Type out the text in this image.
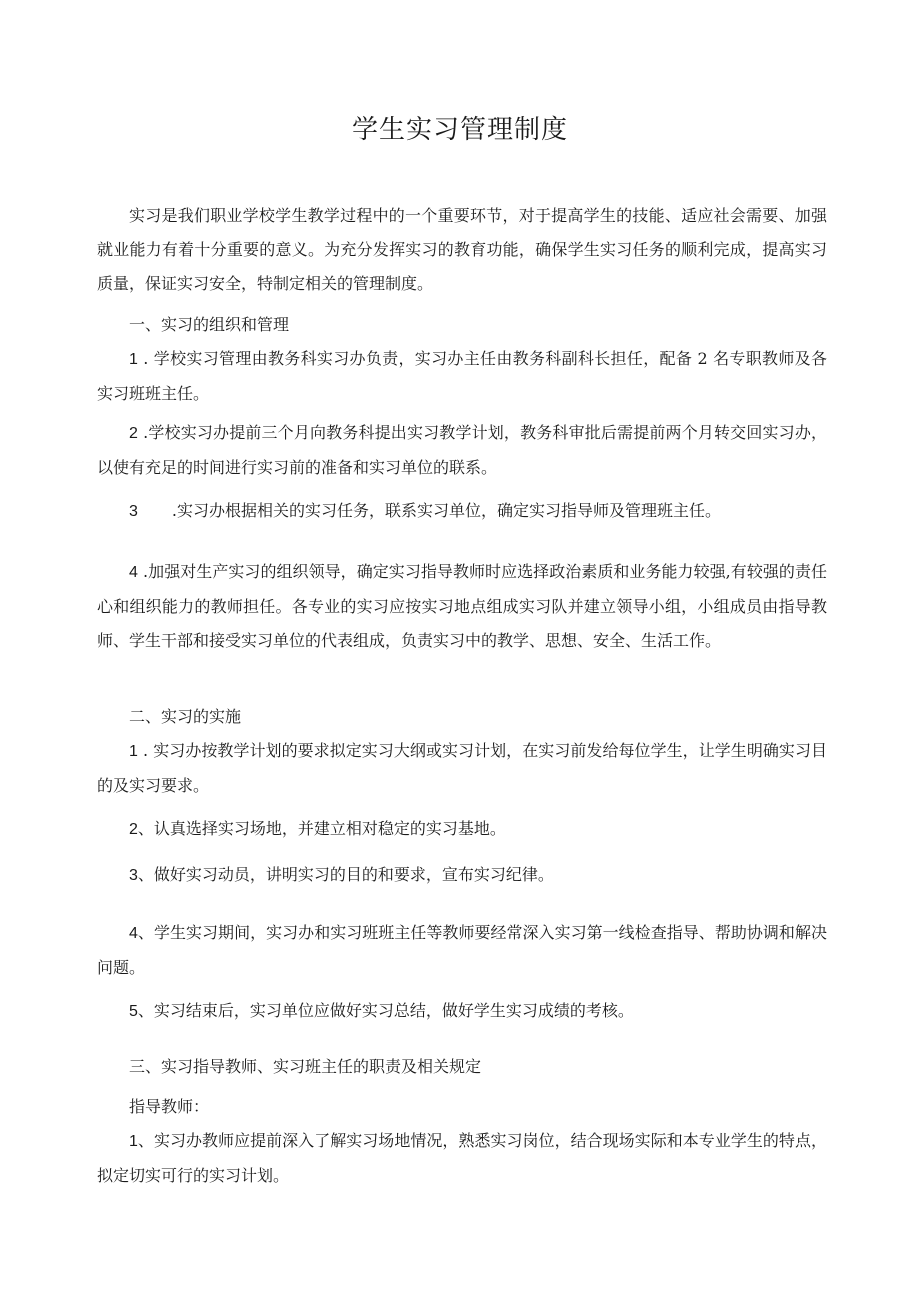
学生实习管理制度

实习是我们职业学校学生教学过程中的一个重要环节，对于提高学生的技能、适应社会需要、加强就业能力有着十分重要的意义。为充分发挥实习的教育功能，确保学生实习任务的顺利完成，提高实习质量，保证实习安全，特制定相关的管理制度。

一、实习的组织和管理

1 . 学校实习管理由教务科实习办负责，实习办主任由教务科副科长担任，配备 2 名专职教师及各实习班班主任。

2 .学校实习办提前三个月向教务科提出实习教学计划，教务科审批后需提前两个月转交回实习办，以使有充足的时间进行实习前的准备和实习单位的联系。

3 .实习办根据相关的实习任务，联系实习单位，确定实习指导师及管理班主任。

4 .加强对生产实习的组织领导，确定实习指导教师时应选择政治素质和业务能力较强,有较强的责任心和组织能力的教师担任。各专业的实习应按实习地点组成实习队并建立领导小组，小组成员由指导教师、学生干部和接受实习单位的代表组成，负责实习中的教学、思想、安全、生活工作。

二、实习的实施

1 . 实习办按教学计划的要求拟定实习大纲或实习计划，在实习前发给每位学生，让学生明确实习目的及实习要求。

2、认真选择实习场地，并建立相对稳定的实习基地。

3、做好实习动员，讲明实习的目的和要求，宣布实习纪律。

4、学生实习期间，实习办和实习班班主任等教师要经常深入实习第一线检查指导、帮助协调和解决问题。

5、实习结束后，实习单位应做好实习总结，做好学生实习成绩的考核。

三、实习指导教师、实习班主任的职责及相关规定

指导教师：

1、实习办教师应提前深入了解实习场地情况，熟悉实习岗位，结合现场实际和本专业学生的特点，拟定切实可行的实习计划。
